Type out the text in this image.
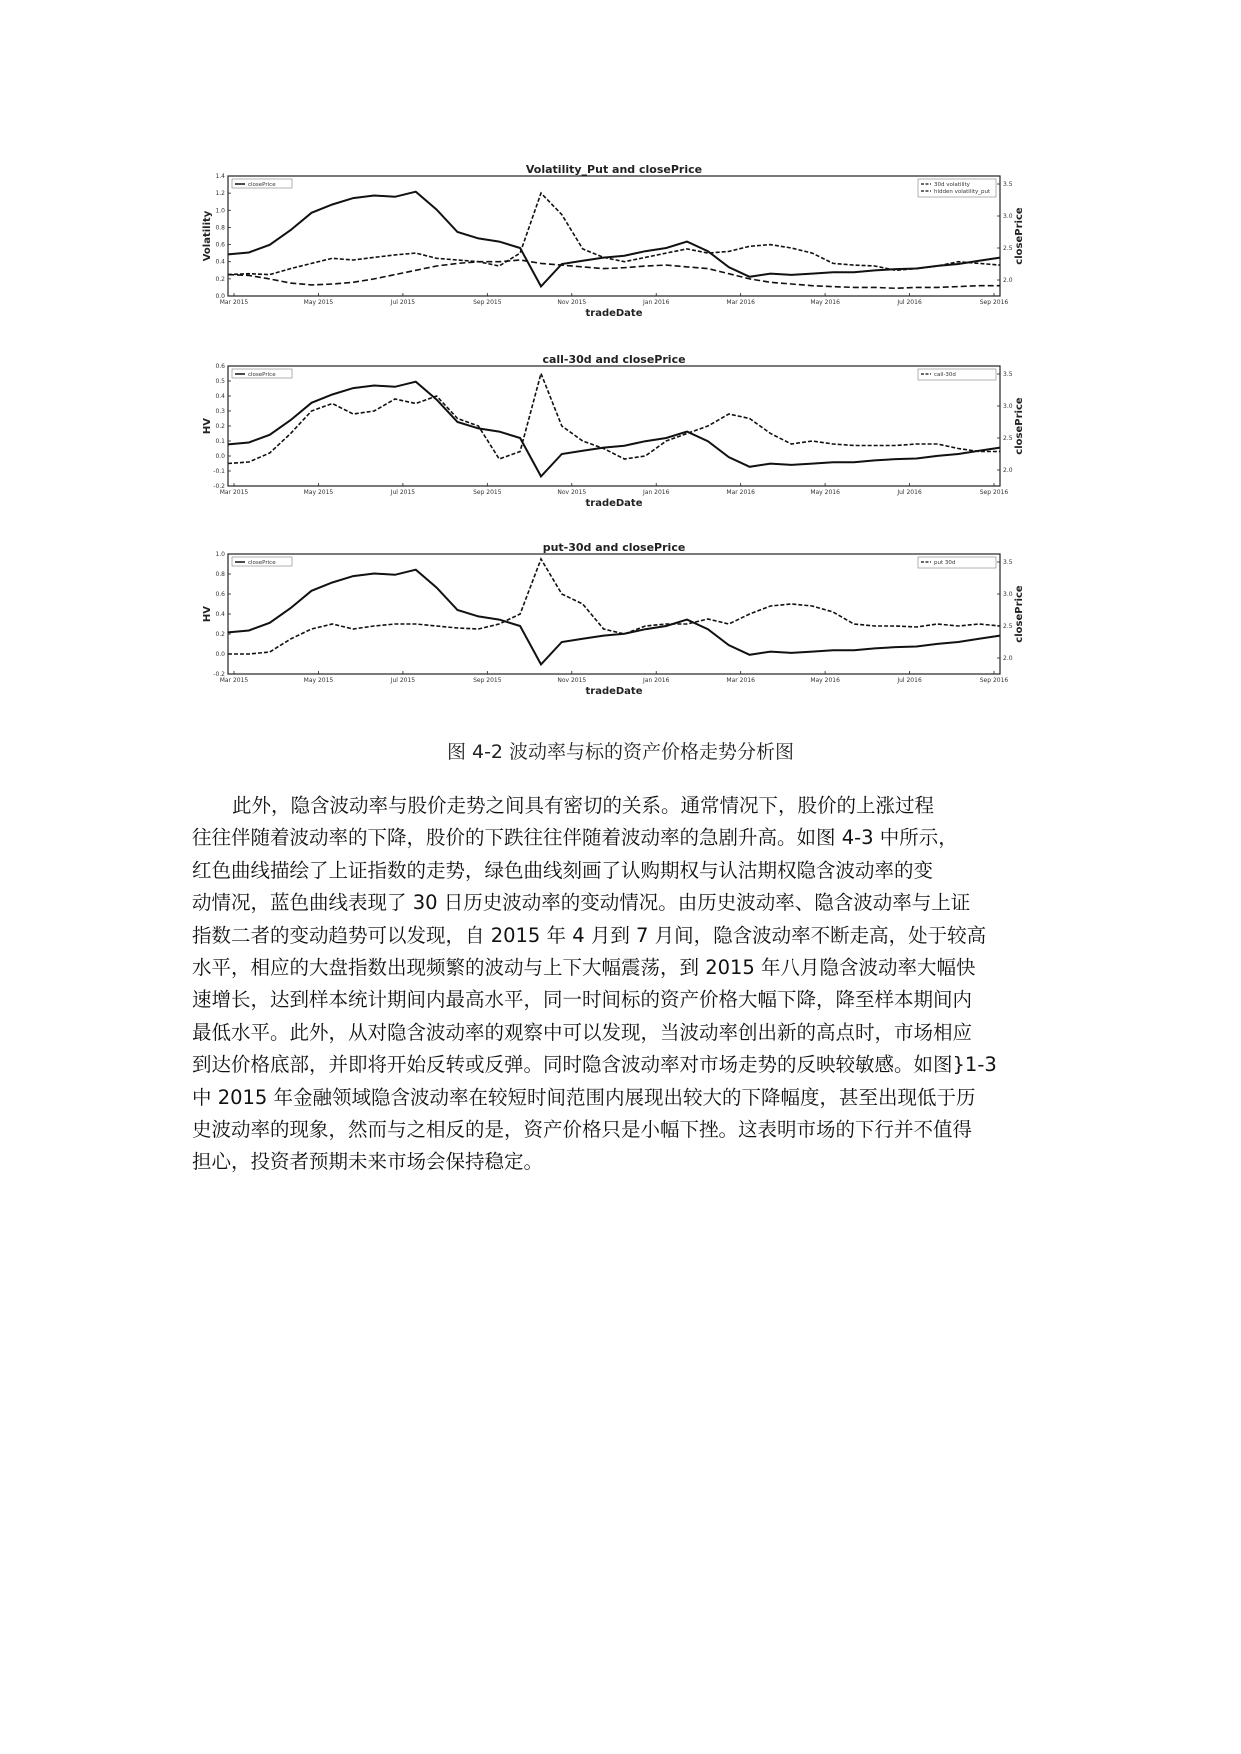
Volatility_Put and closePrice
0.0
0.2
0.4
0.6
0.8
1.0
1.2
1.4
2.0
2.5
3.0
3.5
Mar 2015	May 2015	Jul 2015	Sep 2015	Nov 2015	Jan 2016	Mar 2016	May 2016	Jul 2016	Sep 2016
tradeDate
Volatility	closePrice
closePrice	30d volatility
hidden volatility_put
call-30d and closePrice
-0.2
-0.1
0.0
0.1
0.2
0.3
0.4
0.5
0.6
2.0
2.5
3.0
3.5
Mar 2015	May 2015	Jul 2015	Sep 2015	Nov 2015	Jan 2016	Mar 2016	May 2016	Jul 2016	Sep 2016
tradeDate
HV	closePrice
closePrice	call-30d
put-30d and closePrice
-0.2
0.0
0.2
0.4
0.6
0.8
1.0
2.0
2.5
3.0
3.5
Mar 2015	May 2015	Jul 2015	Sep 2015	Nov 2015	Jan 2016	Mar 2016	May 2016	Jul 2016	Sep 2016
tradeDate
HV	closePrice
closePrice	put 30d
图 4-2 波动率与标的资产价格走势分析图
此外，隐含波动率与股价走势之间具有密切的关系。通常情况下，股价的上涨过程
往往伴随着波动率的下降，股价的下跌往往伴随着波动率的急剧升高。如图 4-3 中所示，
红色曲线描绘了上证指数的走势，绿色曲线刻画了认购期权与认沽期权隐含波动率的变
动情况，蓝色曲线表现了 30 日历史波动率的变动情况。由历史波动率、隐含波动率与上证
指数二者的变动趋势可以发现，自 2015 年 4 月到 7 月间，隐含波动率不断走高，处于较高
水平，相应的大盘指数出现频繁的波动与上下大幅震荡，到 2015 年八月隐含波动率大幅快
速增长，达到样本统计期间内最高水平，同一时间标的资产价格大幅下降，降至样本期间内
最低水平。此外，从对隐含波动率的观察中可以发现，当波动率创出新的高点时，市场相应
到达价格底部，并即将开始反转或反弹。同时隐含波动率对市场走势的反映较敏感。如图}1-3
中 2015 年金融领域隐含波动率在较短时间范围内展现出较大的下降幅度，甚至出现低于历
史波动率的现象，然而与之相反的是，资产价格只是小幅下挫。这表明市场的下行并不值得
担心，投资者预期未来市场会保持稳定。
